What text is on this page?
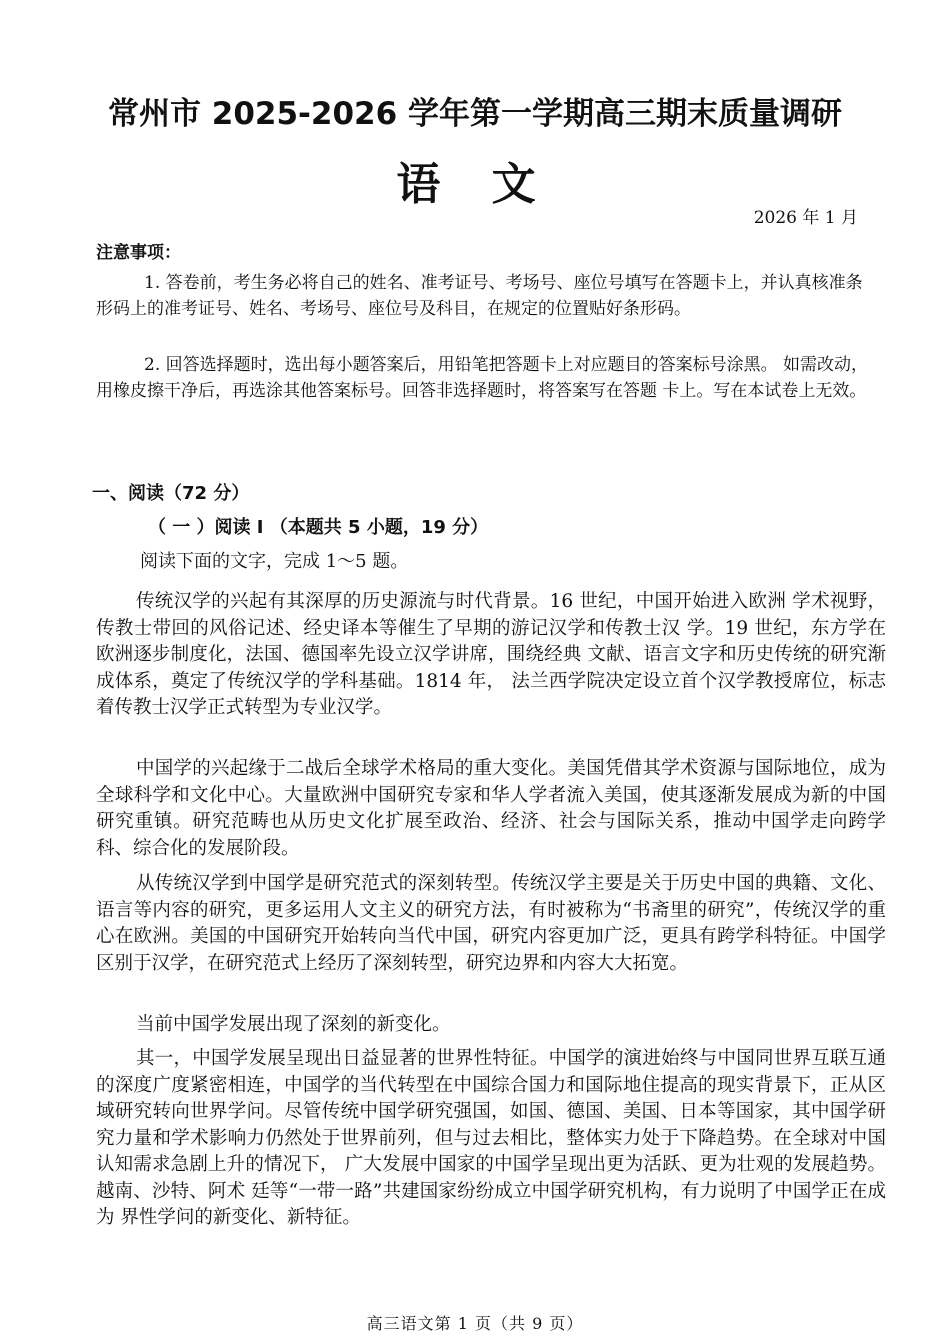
常州市 2025-2026 学年第一学期高三期末质量调研
语 文
2026 年 1 月
注意事项：

1. 答卷前，考生务必将自己的姓名、准考证号、考场号、座位号填写在答题卡上，并认真核准条形码上的准考证号、姓名、考场号、座位号及科目，在规定的位置贴好条形码。

2. 回答选择题时，选出每小题答案后，用铅笔把答题卡上对应题目的答案标号涂黑。 如需改动，用橡皮擦干净后，再选涂其他答案标号。回答非选择题时，将答案写在答题 卡上。写在本试卷上无效。

一、阅读（72 分）
（ 一 ）阅读 I （本题共 5 小题，19 分）
阅读下面的文字，完成 1～5 题。

传统汉学的兴起有其深厚的历史源流与时代背景。16 世纪，中国开始进入欧洲 学术视野，传教士带回的风俗记述、经史译本等催生了早期的游记汉学和传教士汉 学。19 世纪，东方学在欧洲逐步制度化，法国、德国率先设立汉学讲席，围绕经典 文献、语言文字和历史传统的研究渐成体系，奠定了传统汉学的学科基础。1814 年， 法兰西学院决定设立首个汉学教授席位，标志着传教士汉学正式转型为专业汉学。

中国学的兴起缘于二战后全球学术格局的重大变化。美国凭借其学术资源与国际地位，成为全球科学和文化中心。大量欧洲中国研究专家和华人学者流入美国，使其逐渐发展成为新的中国研究重镇。研究范畴也从历史文化扩展至政治、经济、社会与国际关系，推动中国学走向跨学科、综合化的发展阶段。

从传统汉学到中国学是研究范式的深刻转型。传统汉学主要是关于历史中国的典籍、文化、语言等内容的研究，更多运用人文主义的研究方法，有时被称为“书斋里的研究”，传统汉学的重心在欧洲。美国的中国研究开始转向当代中国，研究内容更加广泛，更具有跨学科特征。中国学区别于汉学，在研究范式上经历了深刻转型，研究边界和内容大大拓宽。

当前中国学发展出现了深刻的新变化。

其一，中国学发展呈现出日益显著的世界性特征。中国学的演进始终与中国同世界互联互通的深度广度紧密相连，中国学的当代转型在中国综合国力和国际地住提高的现实背景下，正从区域研究转向世界学问。尽管传统中国学研究强国，如国、德国、美国、日本等国家，其中国学研究力量和学术影响力仍然处于世界前列，但与过去相比，整体实力处于下降趋势。在全球对中国认知需求急剧上升的情况下， 广大发展中国家的中国学呈现出更为活跃、更为壮观的发展趋势。越南、沙特、阿术 廷等“一带一路”共建国家纷纷成立中国学研究机构，有力说明了中国学正在成为 界性学问的新变化、新特征。

高三语文第 1 页（共 9 页）
